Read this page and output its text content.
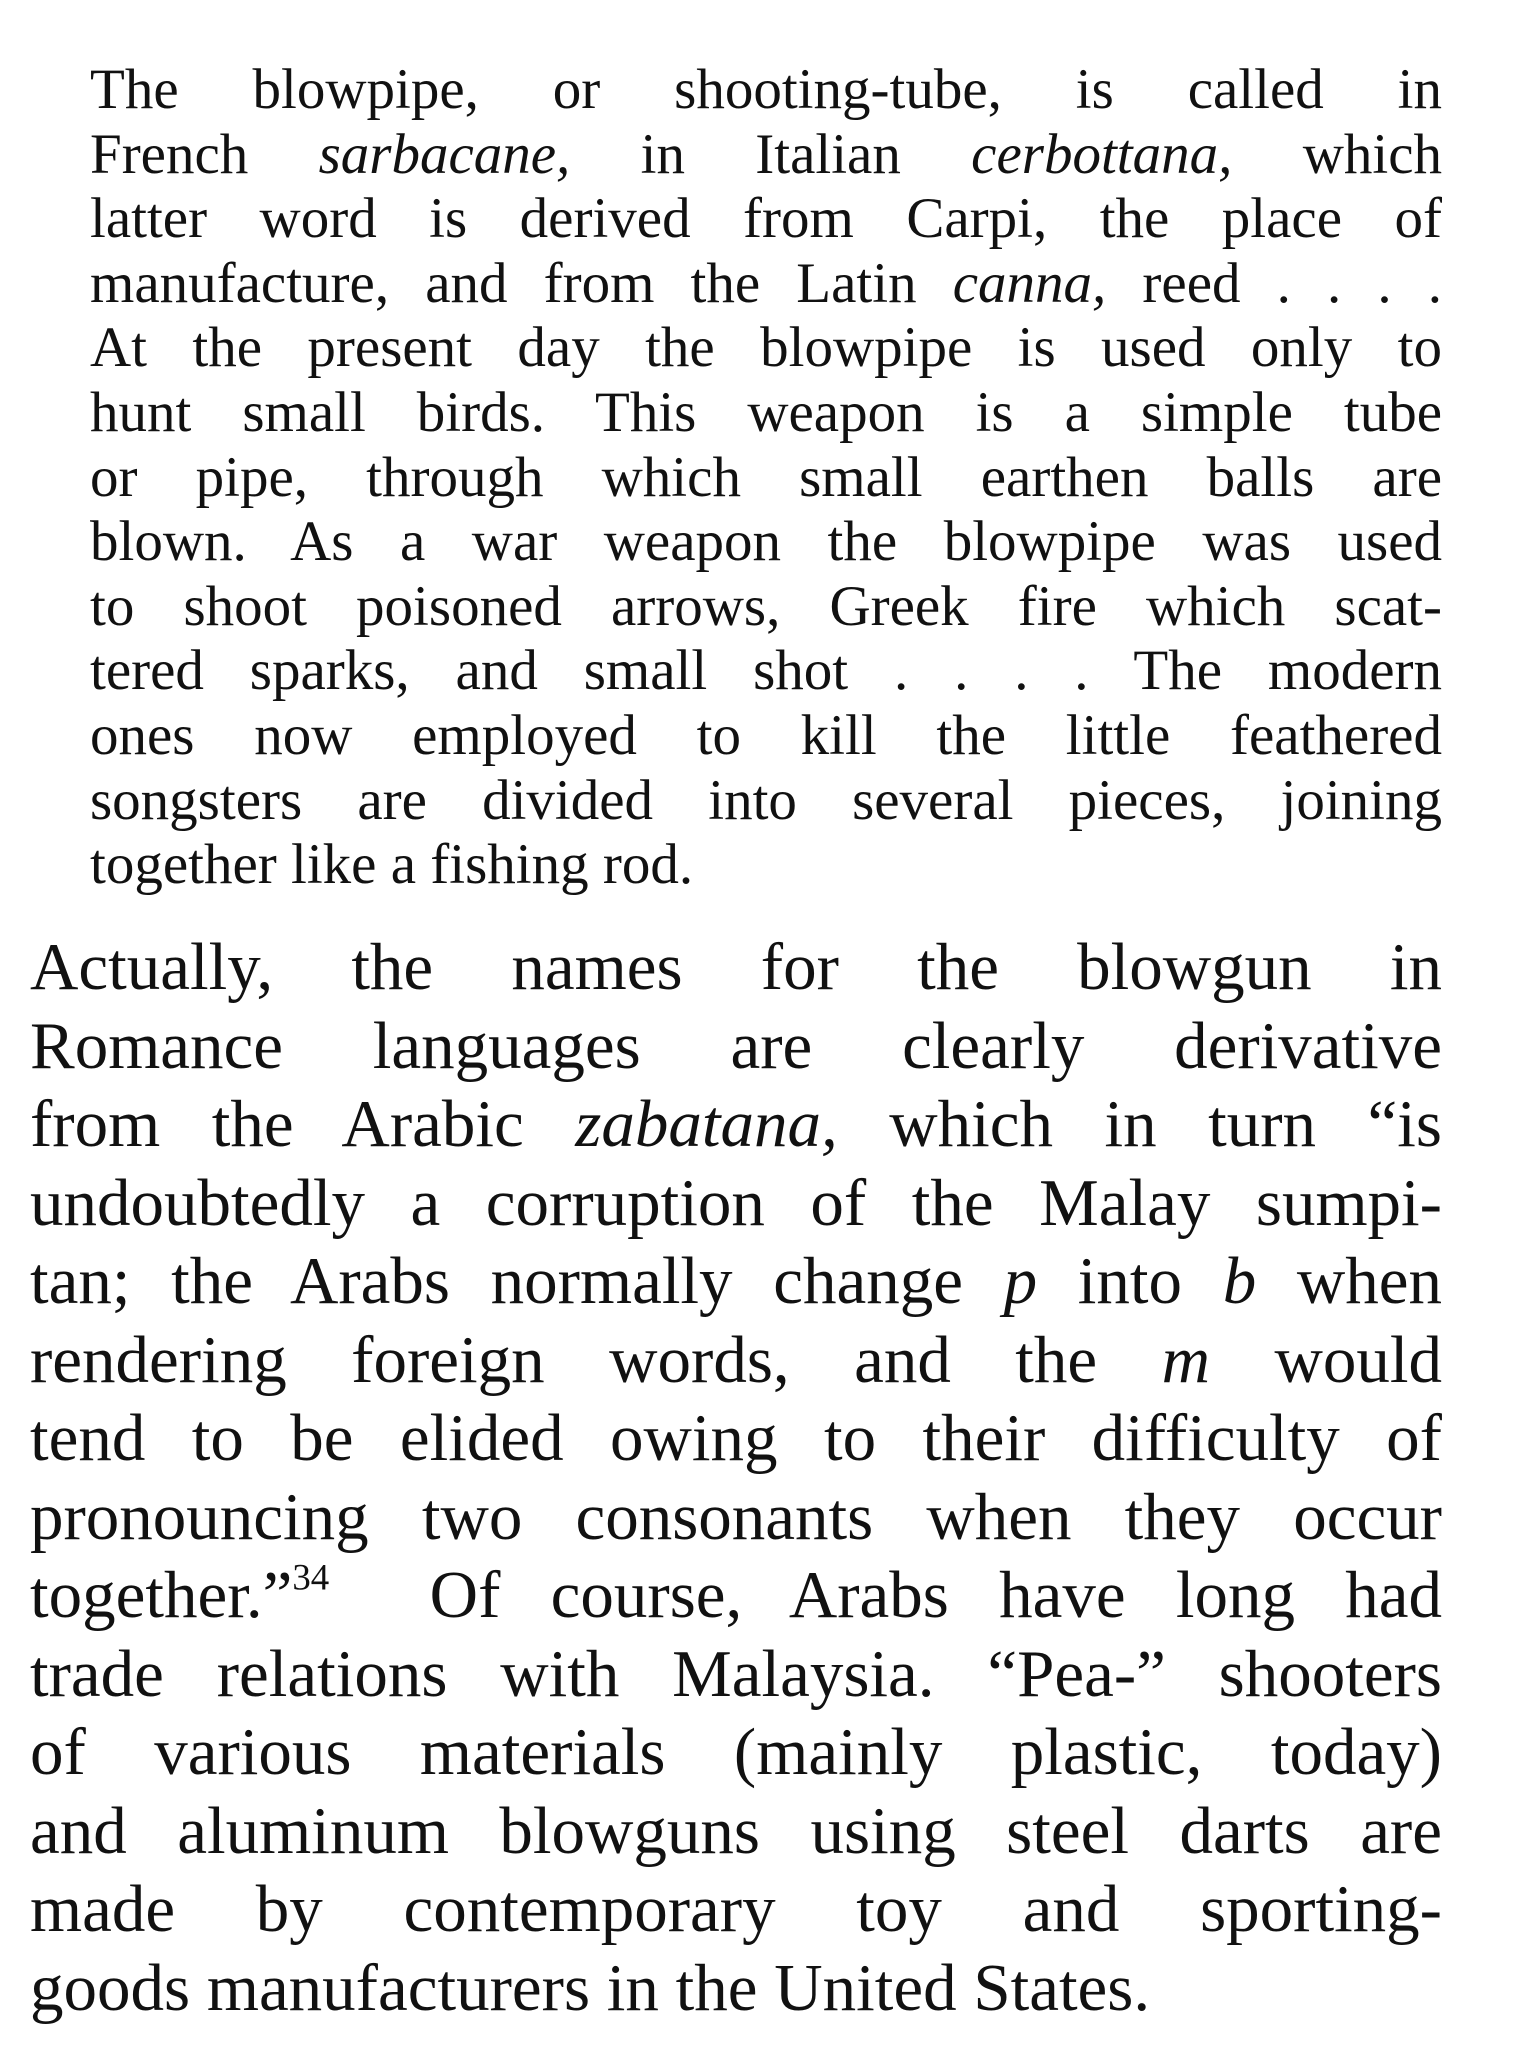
The blowpipe, or shooting-tube, is called in
French sarbacane, in Italian cerbottana, which
latter word is derived from Carpi, the place of
manufacture, and from the Latin canna, reed . . . .
At the present day the blowpipe is used only to
hunt small birds. This weapon is a simple tube
or pipe, through which small earthen balls are
blown. As a war weapon the blowpipe was used
to shoot poisoned arrows, Greek fire which scat-
tered sparks, and small shot . . . . The modern
ones now employed to kill the little feathered
songsters are divided into several pieces, joining
together like a fishing rod.
Actually, the names for the blowgun in
Romance languages are clearly derivative
from the Arabic zabatana, which in turn “is
undoubtedly a corruption of the Malay sumpi-
tan; the Arabs normally change p into b when
rendering foreign words, and the m would
tend to be elided owing to their difficulty of
pronouncing two consonants when they occur
together.”$^{34}$  Of course, Arabs have long had
trade relations with Malaysia. “Pea-” shooters
of various materials (mainly plastic, today)
and aluminum blowguns using steel darts are
made by contemporary toy and sporting-
goods manufacturers in the United States.
